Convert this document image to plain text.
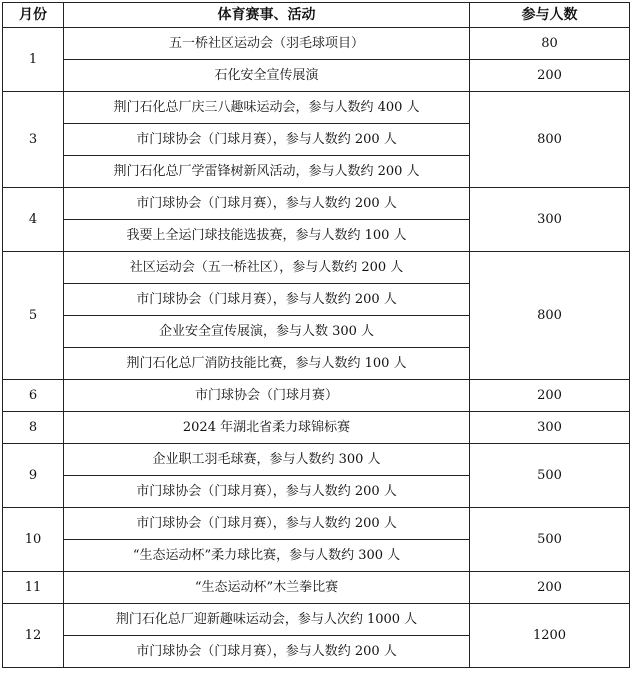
月份	体育赛事、活动	参与人数
1	五一桥社区运动会（羽毛球项目）	80
	石化安全宣传展演	200
3	荆门石化总厂庆三八趣味运动会，参与人数约 400 人	800
	市门球协会（门球月赛），参与人数约 200 人	
	荆门石化总厂学雷锋树新风活动，参与人数约 200 人	
4	市门球协会（门球月赛），参与人数约 200 人	300
	我要上全运门球技能选拔赛，参与人数约 100 人	
5	社区运动会（五一桥社区），参与人数约 200 人	800
	市门球协会（门球月赛），参与人数约 200 人	
	企业安全宣传展演，参与人数 300 人	
	荆门石化总厂消防技能比赛，参与人数约 100 人	
6	市门球协会（门球月赛）	200
8	2024 年湖北省柔力球锦标赛	300
9	企业职工羽毛球赛，参与人数约 300 人	500
	市门球协会（门球月赛），参与人数约 200 人	
10	市门球协会（门球月赛），参与人数约 200 人	500
	“生态运动杯”柔力球比赛，参与人数约 300 人	
11	“生态运动杯”木兰拳比赛	200
12	荆门石化总厂迎新趣味运动会，参与人次约 1000 人	1200
	市门球协会（门球月赛），参与人数约 200 人	
